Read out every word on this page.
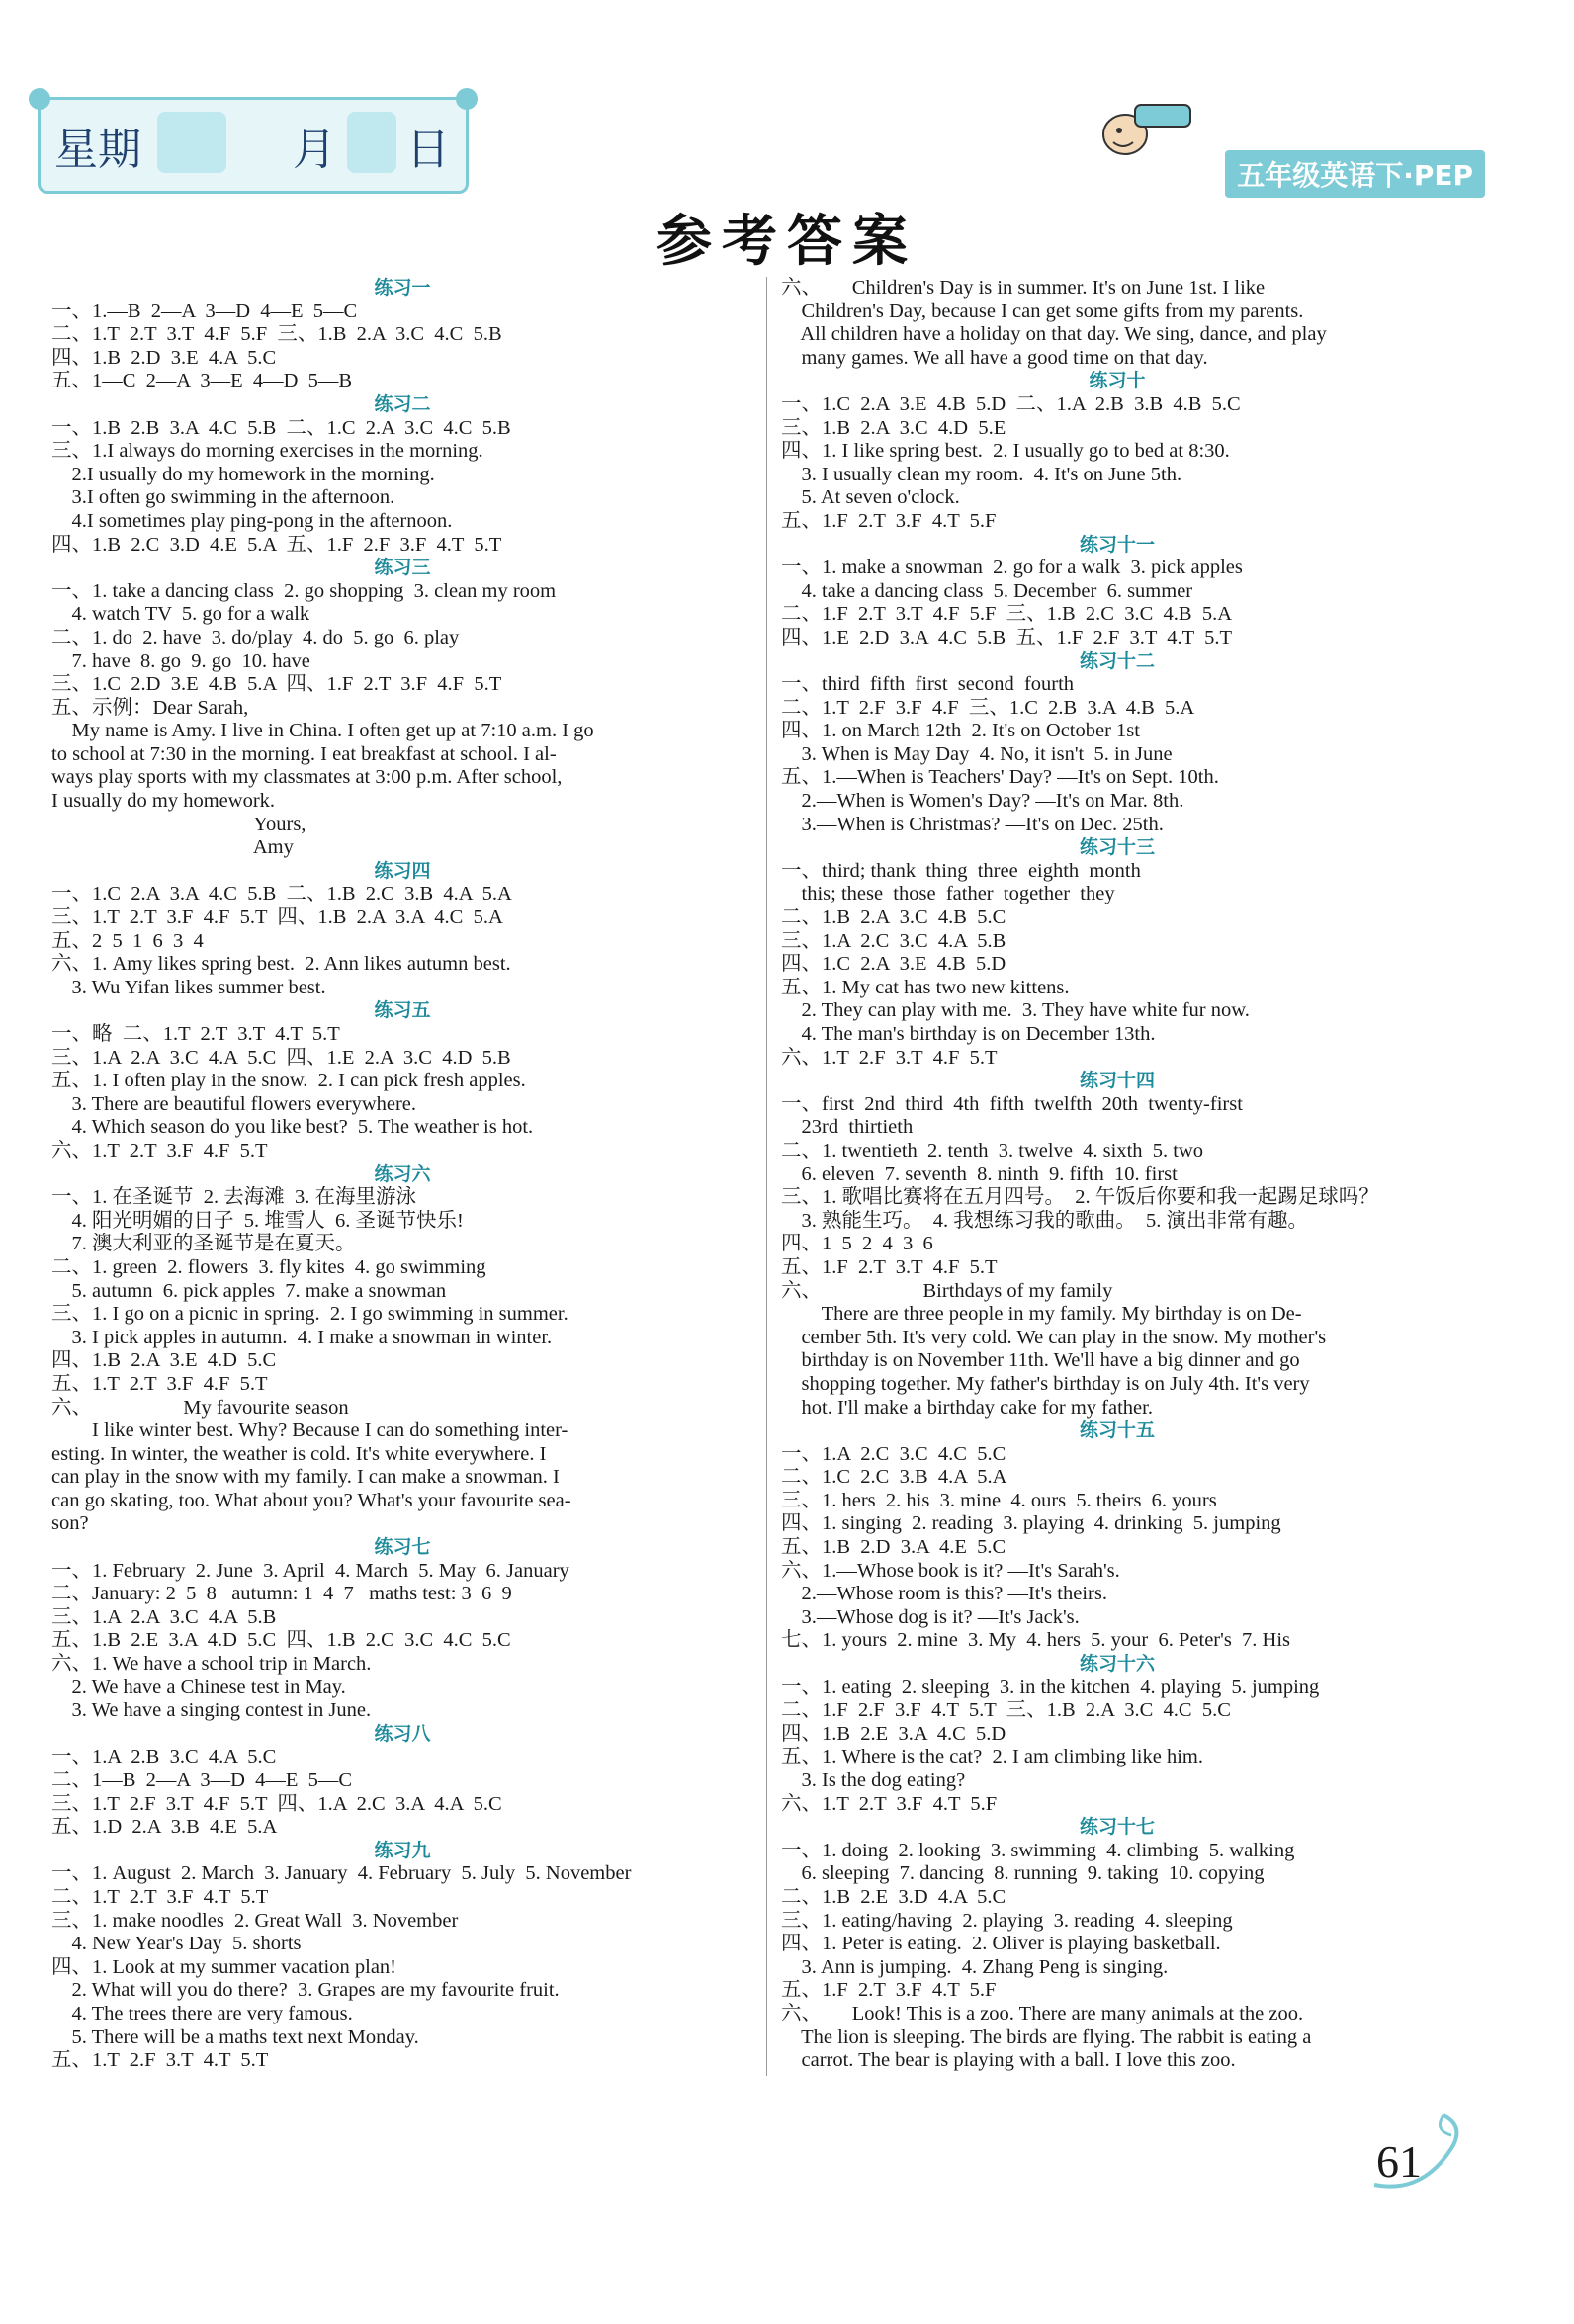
星期	月 日
五年级英语下·PEP
参考答案
练习一
一、1.—B  2—A  3—D  4—E  5—C
二、1.T  2.T  3.T  4.F  5.F  三、1.B  2.A  3.C  4.C  5.B
四、1.B  2.D  3.E  4.A  5.C
五、1—C  2—A  3—E  4—D  5—B
练习二
一、1.B  2.B  3.A  4.C  5.B  二、1.C  2.A  3.C  4.C  5.B
三、1.I always do morning exercises in the morning.
2.I usually do my homework in the morning.
3.I often go swimming in the afternoon.
4.I sometimes play ping-pong in the afternoon.
四、1.B  2.C  3.D  4.E  5.A  五、1.F  2.F  3.F  4.T  5.T
练习三
一、1. take a dancing class  2. go shopping  3. clean my room
4. watch TV  5. go for a walk
二、1. do  2. have  3. do/play  4. do  5. go  6. play
7. have  8. go  9. go  10. have
三、1.C  2.D  3.E  4.B  5.A  四、1.F  2.T  3.F  4.F  5.T
五、示例：Dear Sarah,
My name is Amy. I live in China. I often get up at 7:10 a.m. I go
to school at 7:30 in the morning. I eat breakfast at school. I al-
ways play sports with my classmates at 3:00 p.m. After school,
I usually do my homework.
Yours,
Amy
练习四
一、1.C  2.A  3.A  4.C  5.B  二、1.B  2.C  3.B  4.A  5.A
三、1.T  2.T  3.F  4.F  5.T  四、1.B  2.A  3.A  4.C  5.A
五、2  5  1  6  3  4
六、1. Amy likes spring best.  2. Ann likes autumn best.
3. Wu Yifan likes summer best.
练习五
一、略  二、1.T  2.T  3.T  4.T  5.T
三、1.A  2.A  3.C  4.A  5.C  四、1.E  2.A  3.C  4.D  5.B
五、1. I often play in the snow.  2. I can pick fresh apples.
3. There are beautiful flowers everywhere.
4. Which season do you like best?  5. The weather is hot.
六、1.T  2.T  3.F  4.F  5.T
练习六
一、1. 在圣诞节  2. 去海滩  3. 在海里游泳
4. 阳光明媚的日子  5. 堆雪人  6. 圣诞节快乐!
7. 澳大利亚的圣诞节是在夏天。
二、1. green  2. flowers  3. fly kites  4. go swimming
5. autumn  6. pick apples  7. make a snowman
三、1. I go on a picnic in spring.  2. I go swimming in summer.
3. I pick apples in autumn.  4. I make a snowman in winter.
四、1.B  2.A  3.E  4.D  5.C
五、1.T  2.T  3.F  4.F  5.T
六、                  My favourite season
I like winter best. Why? Because I can do something inter-
esting. In winter, the weather is cold. It's white everywhere. I
can play in the snow with my family. I can make a snowman. I
can go skating, too. What about you? What's your favourite sea-
son?
练习七
一、1. February  2. June  3. April  4. March  5. May  6. January
二、January: 2  5  8   autumn: 1  4  7   maths test: 3  6  9
三、1.A  2.A  3.C  4.A  5.B
五、1.B  2.E  3.A  4.D  5.C  四、1.B  2.C  3.C  4.C  5.C
六、1. We have a school trip in March.
2. We have a Chinese test in May.
3. We have a singing contest in June.
练习八
一、1.A  2.B  3.C  4.A  5.C
二、1—B  2—A  3—D  4—E  5—C
三、1.T  2.F  3.T  4.F  5.T  四、1.A  2.C  3.A  4.A  5.C
五、1.D  2.A  3.B  4.E  5.A
练习九
一、1. August  2. March  3. January  4. February  5. July  5. November
二、1.T  2.T  3.F  4.T  5.T
三、1. make noodles  2. Great Wall  3. November
4. New Year's Day  5. shorts
四、1. Look at my summer vacation plan!
2. What will you do there?  3. Grapes are my favourite fruit.
4. The trees there are very famous.
5. There will be a maths text next Monday.
五、1.T  2.F  3.T  4.T  5.T
六、      Children's Day is in summer. It's on June 1st. I like
Children's Day, because I can get some gifts from my parents.
All children have a holiday on that day. We sing, dance, and play
many games. We all have a good time on that day.
练习十
一、1.C  2.A  3.E  4.B  5.D  二、1.A  2.B  3.B  4.B  5.C
三、1.B  2.A  3.C  4.D  5.E
四、1. I like spring best.  2. I usually go to bed at 8:30.
3. I usually clean my room.  4. It's on June 5th.
5. At seven o'clock.
五、1.F  2.T  3.F  4.T  5.F
练习十一
一、1. make a snowman  2. go for a walk  3. pick apples
4. take a dancing class  5. December  6. summer
二、1.F  2.T  3.T  4.F  5.F  三、1.B  2.C  3.C  4.B  5.A
四、1.E  2.D  3.A  4.C  5.B  五、1.F  2.F  3.T  4.T  5.T
练习十二
一、third  fifth  first  second  fourth
二、1.T  2.F  3.F  4.F  三、1.C  2.B  3.A  4.B  5.A
四、1. on March 12th  2. It's on October 1st
3. When is May Day  4. No, it isn't  5. in June
五、1.—When is Teachers' Day? —It's on Sept. 10th.
2.—When is Women's Day? —It's on Mar. 8th.
3.—When is Christmas? —It's on Dec. 25th.
练习十三
一、third; thank  thing  three  eighth  month
this; these  those  father  together  they
二、1.B  2.A  3.C  4.B  5.C
三、1.A  2.C  3.C  4.A  5.B
四、1.C  2.A  3.E  4.B  5.D
五、1. My cat has two new kittens.
2. They can play with me.  3. They have white fur now.
4. The man's birthday is on December 13th.
六、1.T  2.F  3.T  4.F  5.T
练习十四
一、first  2nd  third  4th  fifth  twelfth  20th  twenty-first
23rd  thirtieth
二、1. twentieth  2. tenth  3. twelve  4. sixth  5. two
6. eleven  7. seventh  8. ninth  9. fifth  10. first
三、1. 歌唱比赛将在五月四号。  2. 午饭后你要和我一起踢足球吗？
3. 熟能生巧。  4. 我想练习我的歌曲。  5. 演出非常有趣。
四、1  5  2  4  3  6
五、1.F  2.T  3.T  4.F  5.T
六、                    Birthdays of my family
There are three people in my family. My birthday is on De-
cember 5th. It's very cold. We can play in the snow. My mother's
birthday is on November 11th. We'll have a big dinner and go
shopping together. My father's birthday is on July 4th. It's very
hot. I'll make a birthday cake for my father.
练习十五
一、1.A  2.C  3.C  4.C  5.C
二、1.C  2.C  3.B  4.A  5.A
三、1. hers  2. his  3. mine  4. ours  5. theirs  6. yours
四、1. singing  2. reading  3. playing  4. drinking  5. jumping
五、1.B  2.D  3.A  4.E  5.C
六、1.—Whose book is it? —It's Sarah's.
2.—Whose room is this? —It's theirs.
3.—Whose dog is it? —It's Jack's.
七、1. yours  2. mine  3. My  4. hers  5. your  6. Peter's  7. His
练习十六
一、1. eating  2. sleeping  3. in the kitchen  4. playing  5. jumping
二、1.F  2.F  3.F  4.T  5.T  三、1.B  2.A  3.C  4.C  5.C
四、1.B  2.E  3.A  4.C  5.D
五、1. Where is the cat?  2. I am climbing like him.
3. Is the dog eating?
六、1.T  2.T  3.F  4.T  5.F
练习十七
一、1. doing  2. looking  3. swimming  4. climbing  5. walking
6. sleeping  7. dancing  8. running  9. taking  10. copying
二、1.B  2.E  3.D  4.A  5.C
三、1. eating/having  2. playing  3. reading  4. sleeping
四、1. Peter is eating.  2. Oliver is playing basketball.
3. Ann is jumping.  4. Zhang Peng is singing.
五、1.F  2.T  3.F  4.T  5.F
六、      Look! This is a zoo. There are many animals at the zoo.
The lion is sleeping. The birds are flying. The rabbit is eating a
carrot. The bear is playing with a ball. I love this zoo.
61
